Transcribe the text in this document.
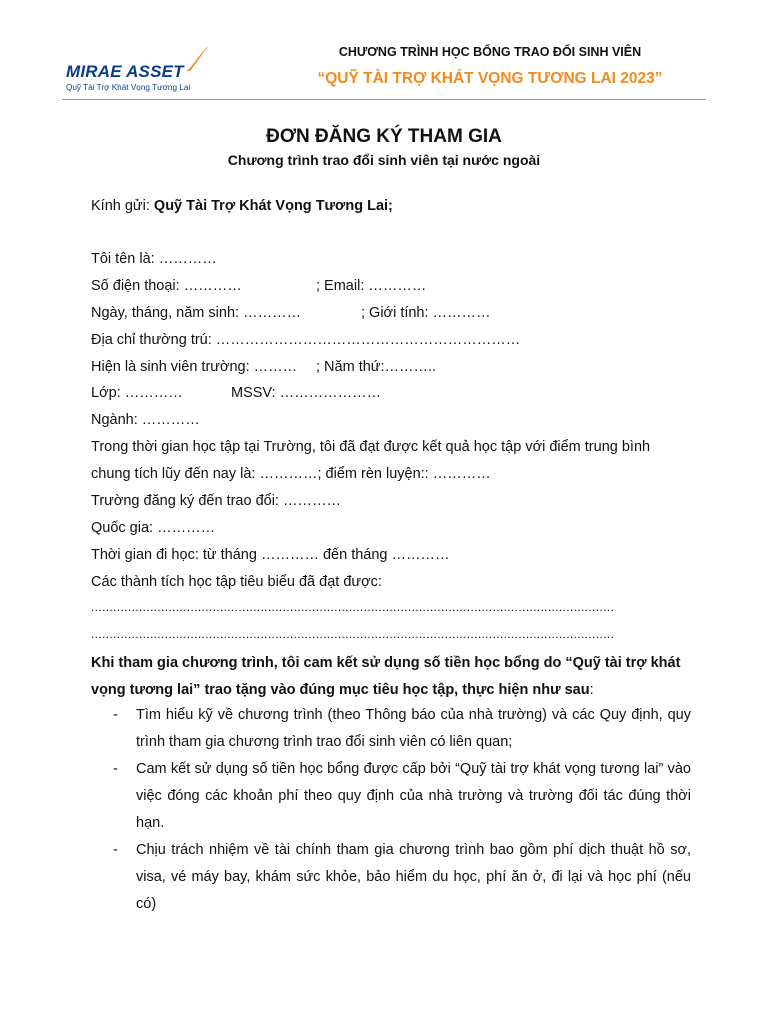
MIRAE ASSET
Quỹ Tài Trợ Khát Vọng Tương Lai
CHƯƠNG TRÌNH HỌC BỔNG TRAO ĐỔI SINH VIÊN
“QUỸ TÀI TRỢ KHÁT VỌNG TƯƠNG LAI 2023”
ĐƠN ĐĂNG KÝ THAM GIA
Chương trình trao đổi sinh viên tại nước ngoài
Kính gửi: Quỹ Tài Trợ Khát Vọng Tương Lai;
Tôi tên là: …………
Số điện thoại: …………	; Email: …………
Ngày, tháng, năm sinh: …………	; Giới tính: …………
Địa chỉ thường trú: ………………………………………………………
Hiện là sinh viên trường: ……… ; Năm thứ:………..
Lớp: …………	MSSV: …………………
Ngành: …………
Trong thời gian học tập tại Trường, tôi đã đạt được kết quả học tập với điểm trung bình
chung tích lũy đến nay là: …………; điểm rèn luyện:: …………
Trường đăng ký đến trao đổi: …………
Quốc gia: …………
Thời gian đi học: từ tháng ………… đến tháng …………
Các thành tích học tập tiêu biểu đã đạt được:
..............................................................................................................................................
..............................................................................................................................................
Khi tham gia chương trình, tôi cam kết sử dụng số tiền học bổng do “Quỹ tài trợ khát vọng tương lai” trao tặng vào đúng mục tiêu học tập, thực hiện như sau:
- Tìm hiểu kỹ về chương trình (theo Thông báo của nhà trường) và các Quy định, quy trình tham gia chương trình trao đổi sinh viên có liên quan;
- Cam kết sử dụng số tiền học bổng được cấp bởi “Quỹ tài trợ khát vọng tương lai” vào việc đóng các khoản phí theo quy định của nhà trường và trường đối tác đúng thời hạn.
- Chịu trách nhiệm về tài chính tham gia chương trình bao gồm phí dịch thuật hồ sơ, visa, vé máy bay, khám sức khỏe, bảo hiểm du học, phí ăn ở, đi lại và học phí (nếu có)
